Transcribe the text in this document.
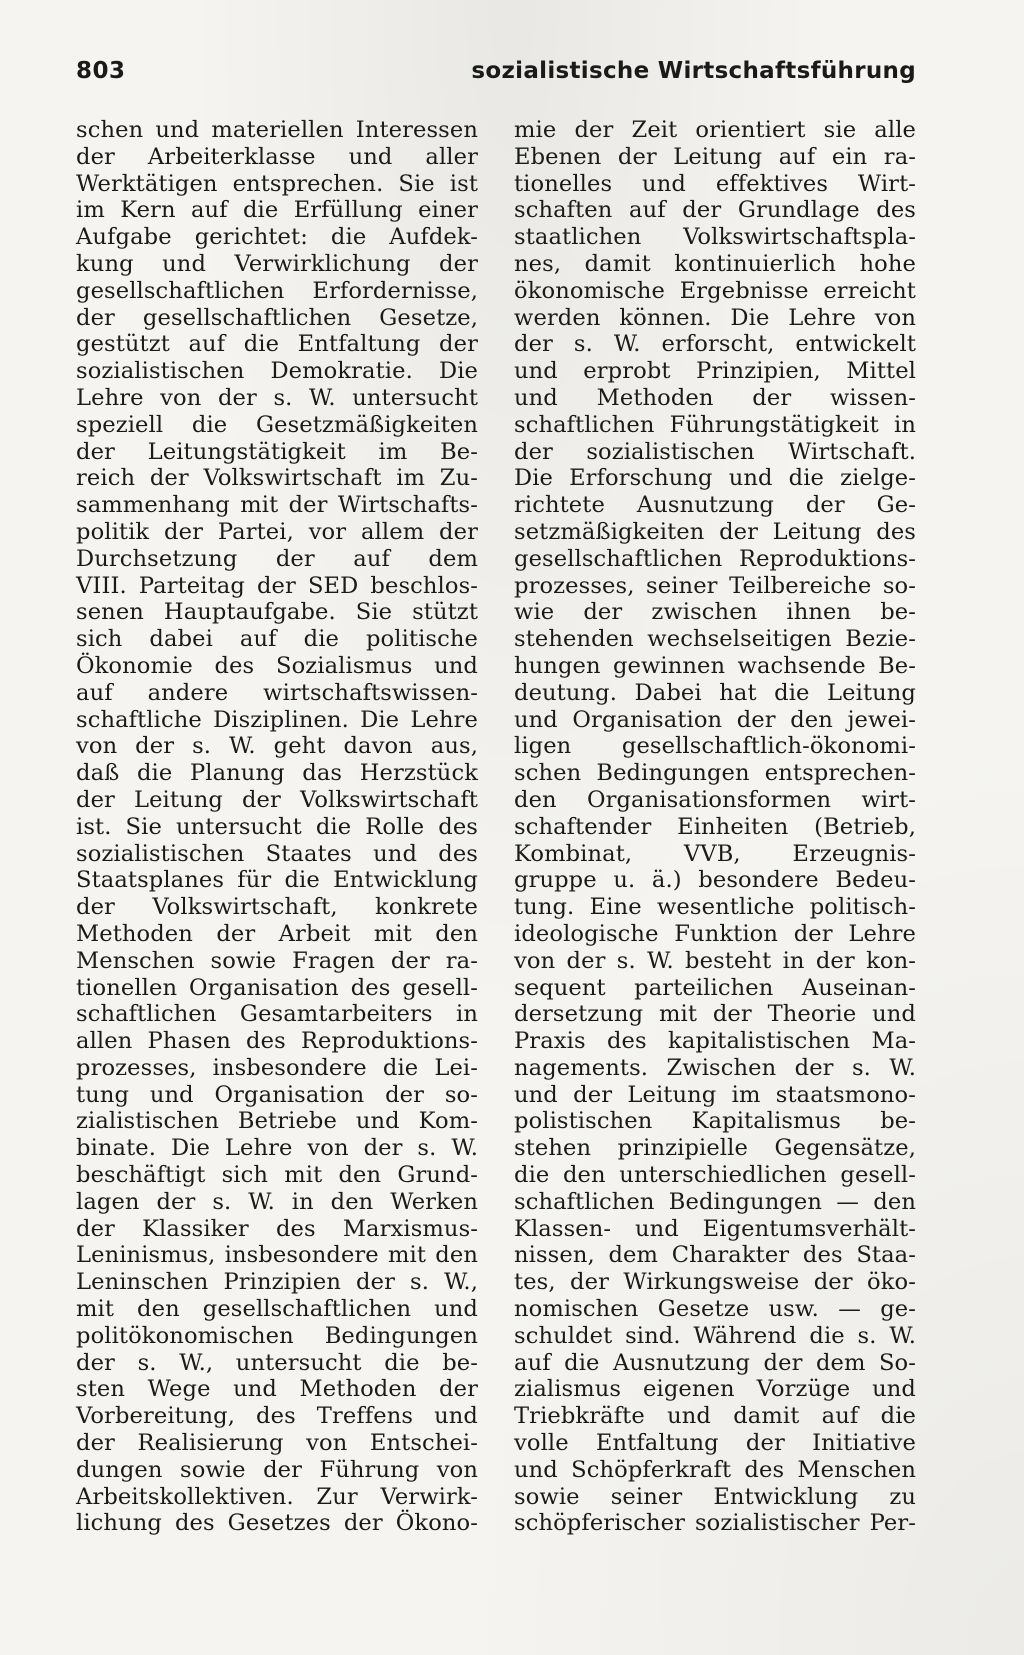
803	sozialistische Wirtschaftsführung
schen und materiellen Interessen
der Arbeiterklasse und aller
Werktätigen entsprechen. Sie ist
im Kern auf die Erfüllung einer
Aufgabe gerichtet: die Aufdek-
kung und Verwirklichung der
gesellschaftlichen Erfordernisse,
der gesellschaftlichen Gesetze,
gestützt auf die Entfaltung der
sozialistischen Demokratie. Die
Lehre von der s. W. untersucht
speziell die Gesetzmäßigkeiten
der Leitungstätigkeit im Be-
reich der Volkswirtschaft im Zu-
sammenhang mit der Wirtschafts-
politik der Partei, vor allem der
Durchsetzung der auf dem
VIII. Parteitag der SED beschlos-
senen Hauptaufgabe. Sie stützt
sich dabei auf die politische
Ökonomie des Sozialismus und
auf andere wirtschaftswissen-
schaftliche Disziplinen. Die Lehre
von der s. W. geht davon aus,
daß die Planung das Herzstück
der Leitung der Volkswirtschaft
ist. Sie untersucht die Rolle des
sozialistischen Staates und des
Staatsplanes für die Entwicklung
der Volkswirtschaft, konkrete
Methoden der Arbeit mit den
Menschen sowie Fragen der ra-
tionellen Organisation des gesell-
schaftlichen Gesamtarbeiters in
allen Phasen des Reproduktions-
prozesses, insbesondere die Lei-
tung und Organisation der so-
zialistischen Betriebe und Kom-
binate. Die Lehre von der s. W.
beschäftigt sich mit den Grund-
lagen der s. W. in den Werken
der Klassiker des Marxismus-
Leninismus, insbesondere mit den
Leninschen Prinzipien der s. W.,
mit den gesellschaftlichen und
politökonomischen Bedingungen
der s. W., untersucht die be-
sten Wege und Methoden der
Vorbereitung, des Treffens und
der Realisierung von Entschei-
dungen sowie der Führung von
Arbeitskollektiven. Zur Verwirk-
lichung des Gesetzes der Ökono-
mie der Zeit orientiert sie alle
Ebenen der Leitung auf ein ra-
tionelles und effektives Wirt-
schaften auf der Grundlage des
staatlichen Volkswirtschaftspla-
nes, damit kontinuierlich hohe
ökonomische Ergebnisse erreicht
werden können. Die Lehre von
der s. W. erforscht, entwickelt
und erprobt Prinzipien, Mittel
und Methoden der wissen-
schaftlichen Führungstätigkeit in
der sozialistischen Wirtschaft.
Die Erforschung und die zielge-
richtete Ausnutzung der Ge-
setzmäßigkeiten der Leitung des
gesellschaftlichen Reproduktions-
prozesses, seiner Teilbereiche so-
wie der zwischen ihnen be-
stehenden wechselseitigen Bezie-
hungen gewinnen wachsende Be-
deutung. Dabei hat die Leitung
und Organisation der den jewei-
ligen gesellschaftlich-ökonomi-
schen Bedingungen entsprechen-
den Organisationsformen wirt-
schaftender Einheiten (Betrieb,
Kombinat, VVB, Erzeugnis-
gruppe u. ä.) besondere Bedeu-
tung. Eine wesentliche politisch-
ideologische Funktion der Lehre
von der s. W. besteht in der kon-
sequent parteilichen Auseinan-
dersetzung mit der Theorie und
Praxis des kapitalistischen Ma-
nagements. Zwischen der s. W.
und der Leitung im staatsmono-
polistischen Kapitalismus be-
stehen prinzipielle Gegensätze,
die den unterschiedlichen gesell-
schaftlichen Bedingungen — den
Klassen- und Eigentumsverhält-
nissen, dem Charakter des Staa-
tes, der Wirkungsweise der öko-
nomischen Gesetze usw. — ge-
schuldet sind. Während die s. W.
auf die Ausnutzung der dem So-
zialismus eigenen Vorzüge und
Triebkräfte und damit auf die
volle Entfaltung der Initiative
und Schöpferkraft des Menschen
sowie seiner Entwicklung zu
schöpferischer sozialistischer Per-
